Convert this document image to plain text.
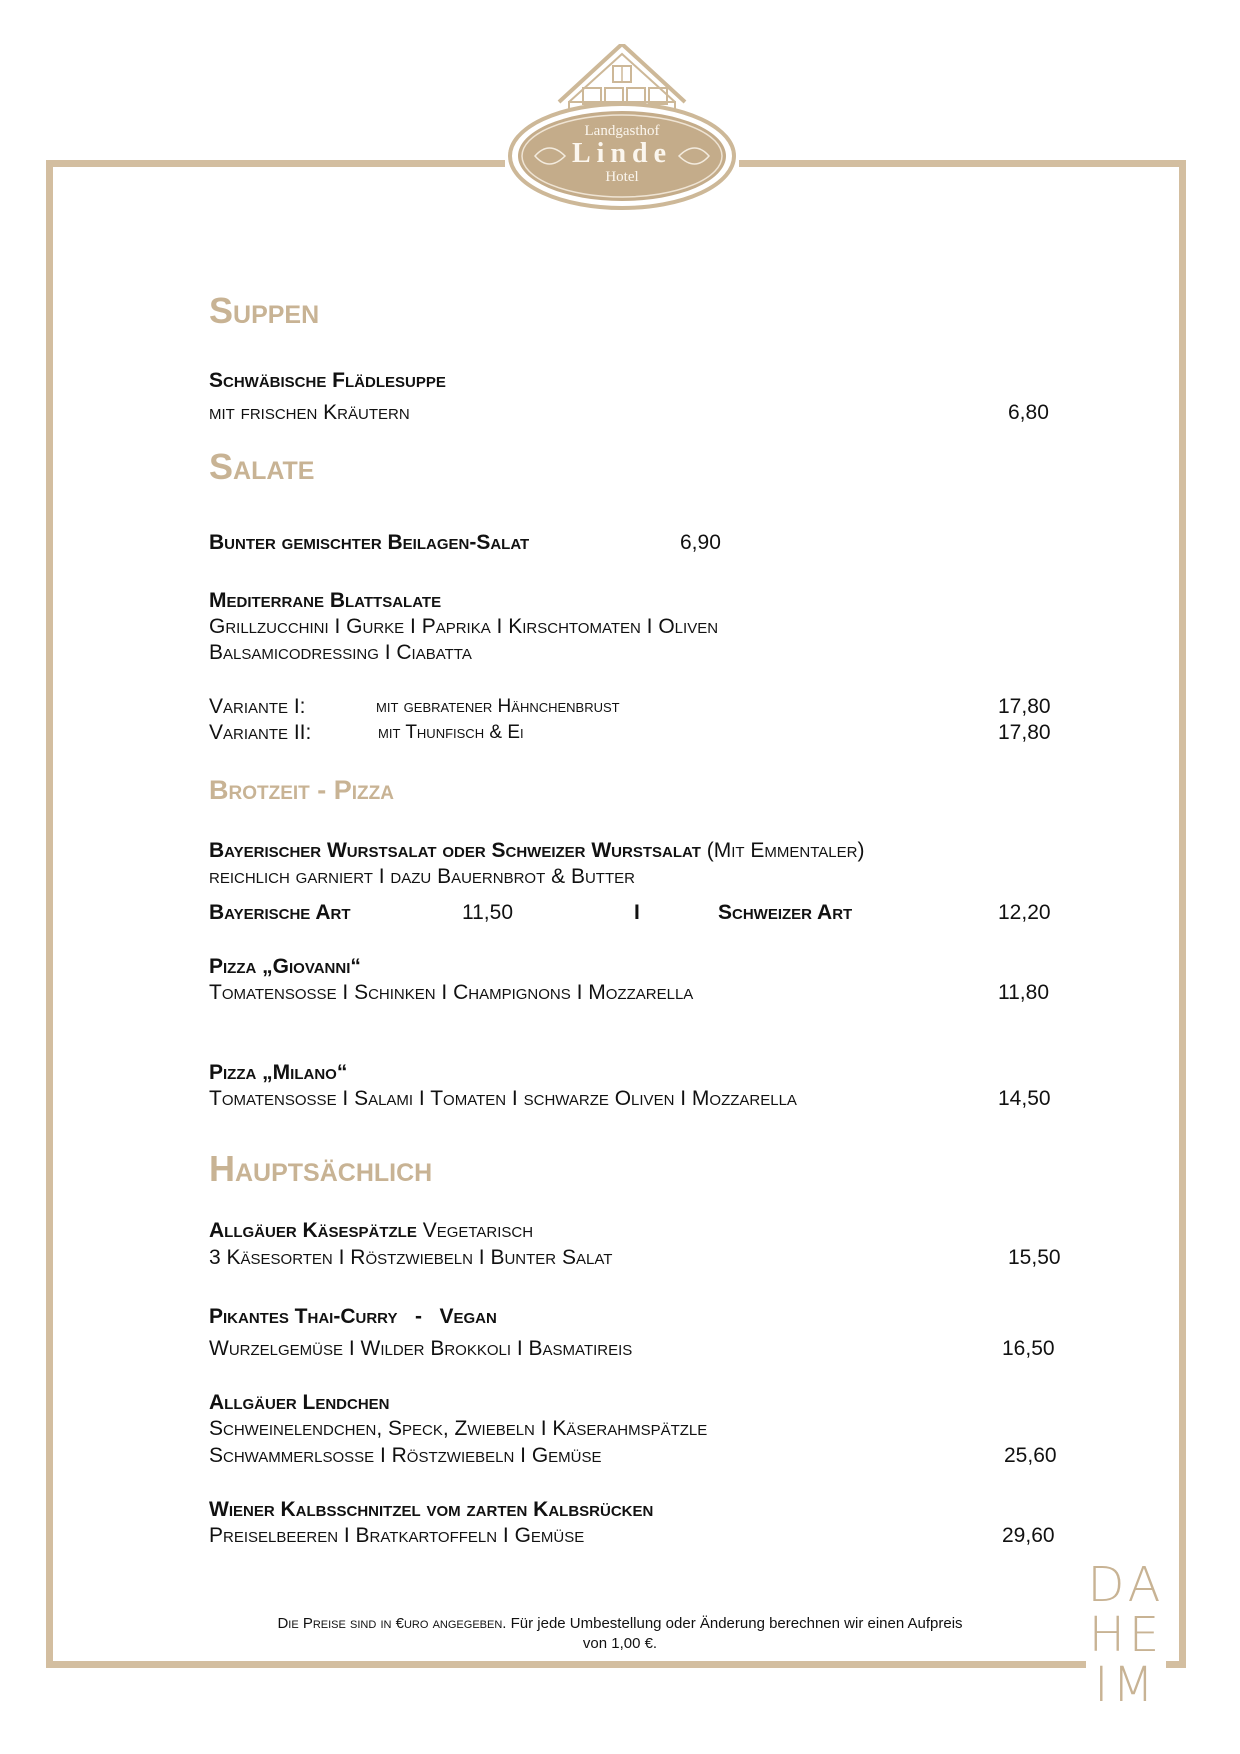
Landgasthof
Linde
Hotel
Suppen
Schwäbische Flädlesuppe
mit frischen Kräutern	6,80
Salate
Bunter gemischter Beilagen-Salat	6,90
Mediterrane Blattsalate
Grillzucchini I Gurke I Paprika I Kirschtomaten I Oliven
Balsamicodressing I Ciabatta
Variante I:	mit gebratener Hähnchenbrust	17,80
Variante II:	mit Thunfisch & Ei	17,80
Brotzeit - Pizza
Bayerischer Wurstsalat oder Schweizer Wurstsalat (Mit Emmentaler)
reichlich garniert I dazu Bauernbrot & Butter
Bayerische Art	11,50	I	Schweizer Art	12,20
Pizza „Giovanni“
Tomatensoße I Schinken I Champignons I Mozzarella	11,80
Pizza „Milano“
Tomatensoße I Salami I Tomaten I schwarze Oliven I Mozzarella	14,50
Hauptsächlich
Allgäuer Käsespätzle Vegetarisch
3 Käsesorten I Röstzwiebeln I Bunter Salat	15,50
Pikantes Thai-Curry   -   Vegan
Wurzelgemüse I Wilder Brokkoli I Basmatireis	16,50
Allgäuer Lendchen
Schweinelendchen, Speck, Zwiebeln I Käserahmspätzle
Schwammerlsoße I Röstzwiebeln I Gemüse	25,60
Wiener Kalbsschnitzel vom zarten Kalbsrücken
Preiselbeeren I Bratkartoffeln I Gemüse	29,60
Die Preise sind in €uro angegeben. Für jede Umbestellung oder Änderung berechnen wir einen Aufpreis
von 1,00 €.
DA
HE
IM
